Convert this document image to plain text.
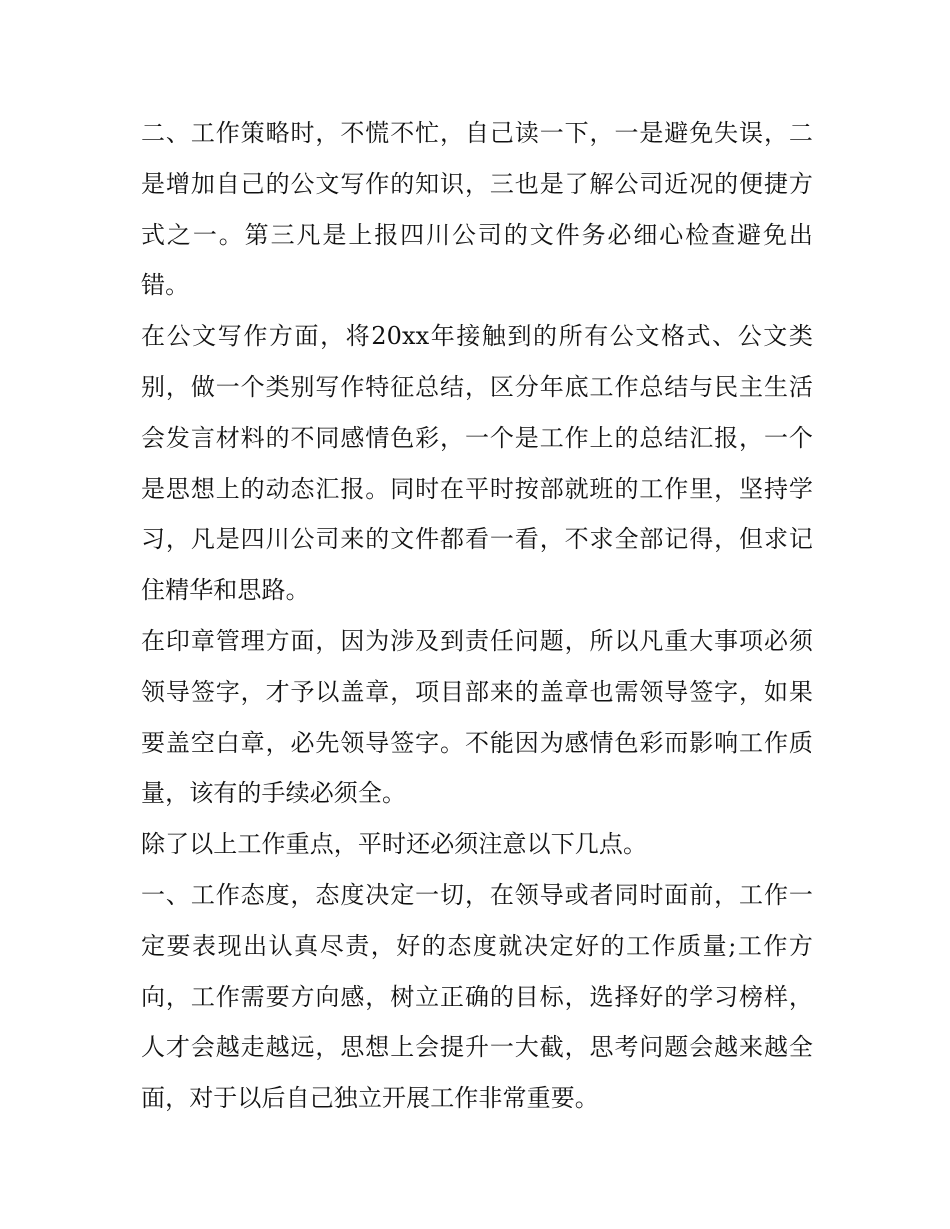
二、工作策略时，不慌不忙，自己读一下，一是避免失误，二是增加自己的公文写作的知识，三也是了解公司近况的便捷方式之一。第三凡是上报四川公司的文件务必细心检查避免出错。

在公文写作方面，将20xx年接触到的所有公文格式、公文类别，做一个类别写作特征总结，区分年底工作总结与民主生活会发言材料的不同感情色彩，一个是工作上的总结汇报，一个是思想上的动态汇报。同时在平时按部就班的工作里，坚持学习，凡是四川公司来的文件都看一看，不求全部记得，但求记住精华和思路。

在印章管理方面，因为涉及到责任问题，所以凡重大事项必须领导签字，才予以盖章，项目部来的盖章也需领导签字，如果要盖空白章，必先领导签字。不能因为感情色彩而影响工作质量，该有的手续必须全。

除了以上工作重点，平时还必须注意以下几点。

一、工作态度，态度决定一切，在领导或者同时面前，工作一定要表现出认真尽责，好的态度就决定好的工作质量;工作方向，工作需要方向感，树立正确的目标，选择好的学习榜样，人才会越走越远，思想上会提升一大截，思考问题会越来越全面，对于以后自己独立开展工作非常重要。
